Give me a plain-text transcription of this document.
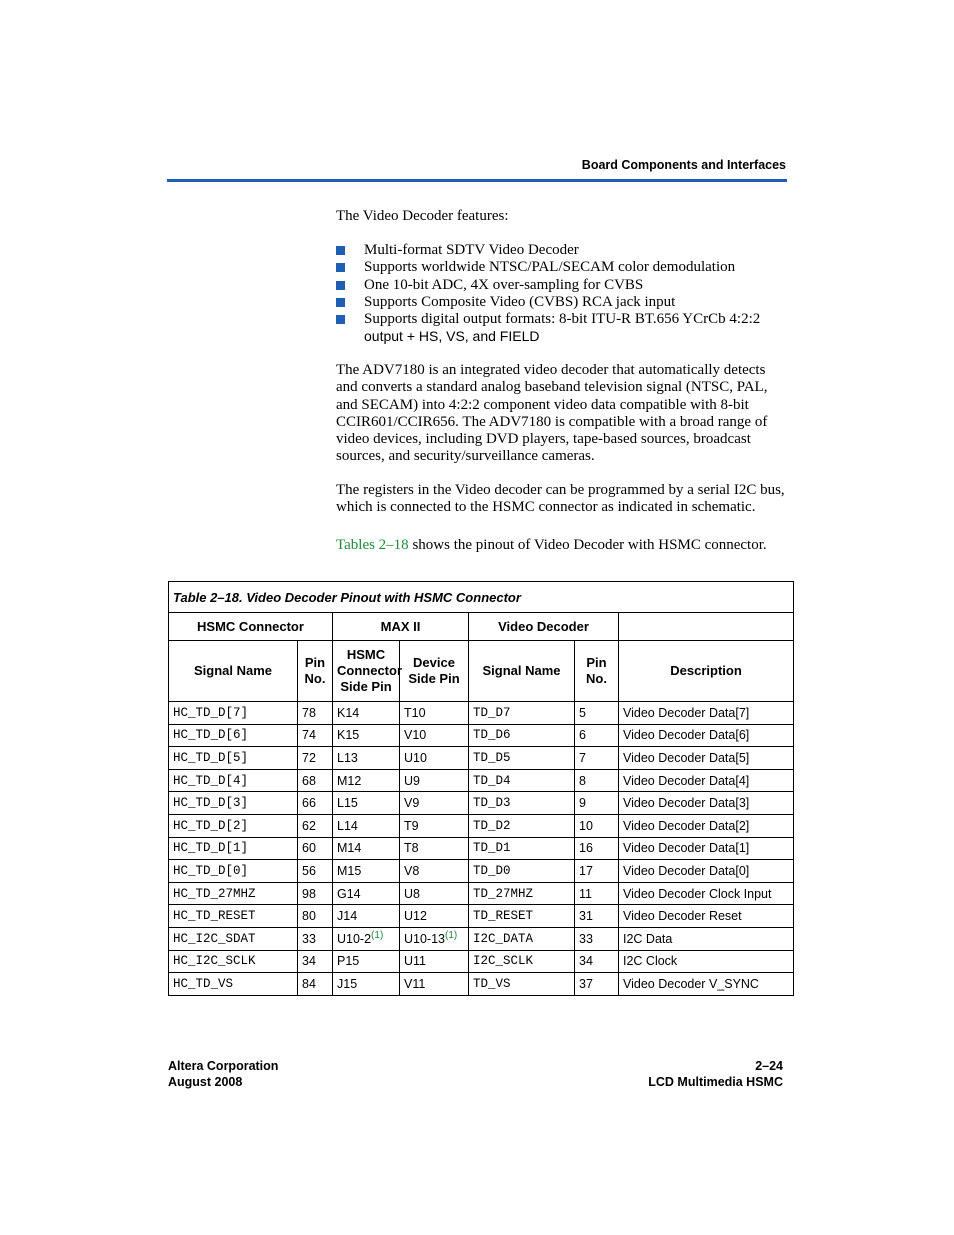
Board Components and Interfaces
The Video Decoder features:
Multi-format SDTV Video Decoder
Supports worldwide NTSC/PAL/SECAM color demodulation
One 10-bit ADC, 4X over-sampling for CVBS
Supports Composite Video (CVBS) RCA jack input
Supports digital output formats: 8-bit ITU-R BT.656 YCrCb 4:2:2
output + HS, VS, and FIELD
The ADV7180 is an integrated video decoder that automatically detects and converts a standard analog baseband television signal (NTSC, PAL, and SECAM) into 4:2:2 component video data compatible with 8-bit CCIR601/CCIR656. The ADV7180 is compatible with a broad range of video devices, including DVD players, tape-based sources, broadcast sources, and security/surveillance cameras.
The registers in the Video decoder can be programmed by a serial I2C bus, which is connected to the HSMC connector as indicated in schematic.
Tables 2–18 shows the pinout of Video Decoder with HSMC connector.
Table 2–18. Video Decoder Pinout with HSMC Connector						
HSMC Connector		MAX II		Video Decoder		
Signal Name	Pin No.	HSMC Connector Side Pin	Device Side Pin	Signal Name	Pin No.	Description
HC_TD_D[7]	78	K14	T10	TD_D7	5	Video Decoder Data[7]
HC_TD_D[6]	74	K15	V10	TD_D6	6	Video Decoder Data[6]
HC_TD_D[5]	72	L13	U10	TD_D5	7	Video Decoder Data[5]
HC_TD_D[4]	68	M12	U9	TD_D4	8	Video Decoder Data[4]
HC_TD_D[3]	66	L15	V9	TD_D3	9	Video Decoder Data[3]
HC_TD_D[2]	62	L14	T9	TD_D2	10	Video Decoder Data[2]
HC_TD_D[1]	60	M14	T8	TD_D1	16	Video Decoder Data[1]
HC_TD_D[0]	56	M15	V8	TD_D0	17	Video Decoder Data[0]
HC_TD_27MHZ	98	G14	U8	TD_27MHZ	11	Video Decoder Clock Input
HC_TD_RESET	80	J14	U12	TD_RESET	31	Video Decoder Reset
HC_I2C_SDAT	33	U10-2$^{(1)}$	U10-13$^{(1)}$	I2C_DATA	33	I2C Data
HC_I2C_SCLK	34	P15	U11	I2C_SCLK	34	I2C Clock
HC_TD_VS	84	J15	V11	TD_VS	37	Video Decoder V_SYNC
Altera Corporation
August 2008
2–24
LCD Multimedia HSMC
